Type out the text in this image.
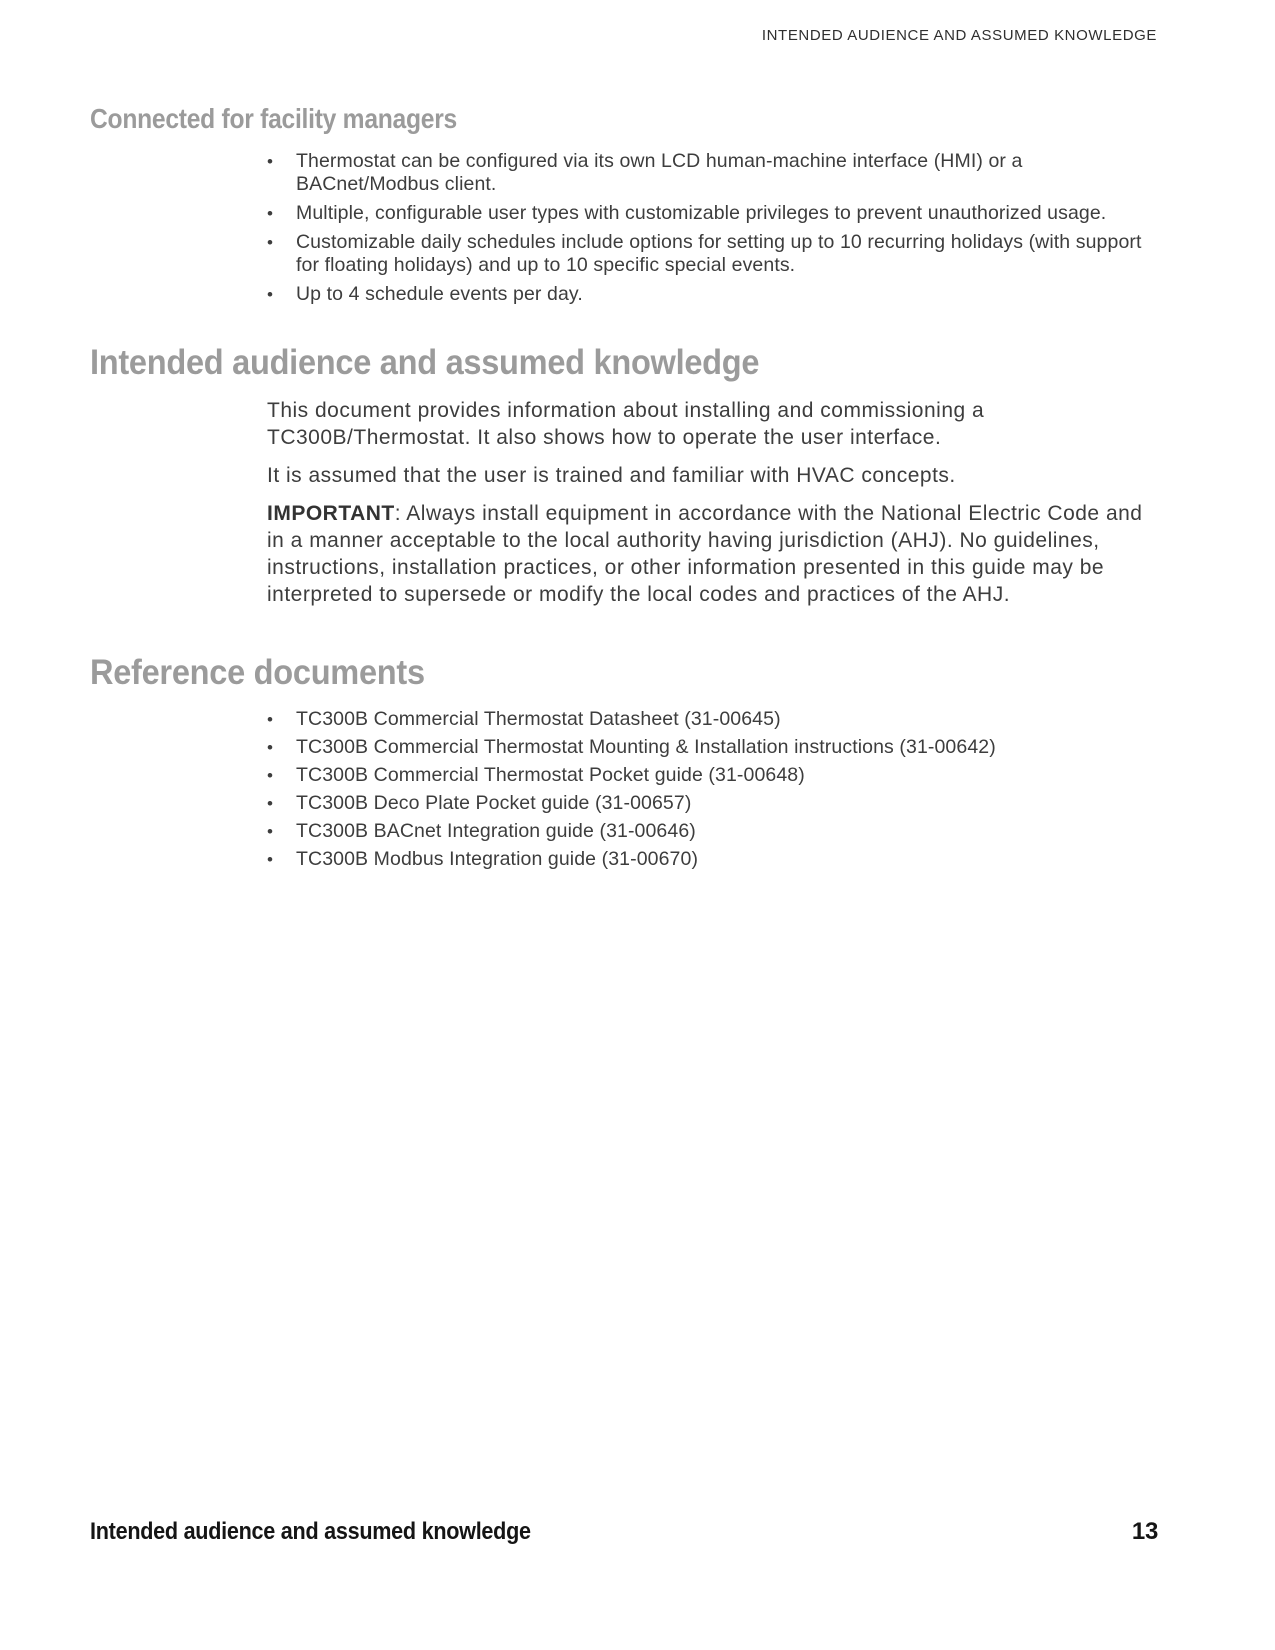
INTENDED AUDIENCE AND ASSUMED KNOWLEDGE
Connected for facility managers
•	Thermostat can be configured via its own LCD human-machine interface (HMI) or a BACnet/Modbus client.
•	Multiple, configurable user types with customizable privileges to prevent unauthorized usage.
•	Customizable daily schedules include options for setting up to 10 recurring holidays (with support for floating holidays) and up to 10 specific special events.
•	Up to 4 schedule events per day.
Intended audience and assumed knowledge

This document provides information about installing and commissioning a TC300B/Thermostat. It also shows how to operate the user interface.

It is assumed that the user is trained and familiar with HVAC concepts.

IMPORTANT: Always install equipment in accordance with the National Electric Code and in a manner acceptable to the local authority having jurisdiction (AHJ). No guidelines, instructions, installation practices, or other information presented in this guide may be interpreted to supersede or modify the local codes and practices of the AHJ.

Reference documents
•	TC300B Commercial Thermostat Datasheet (31-00645)
•	TC300B Commercial Thermostat Mounting & Installation instructions (31-00642)
•	TC300B Commercial Thermostat Pocket guide (31-00648)
•	TC300B Deco Plate Pocket guide (31-00657)
•	TC300B BACnet Integration guide (31-00646)
•	TC300B Modbus Integration guide (31-00670)
Intended audience and assumed knowledge	13
